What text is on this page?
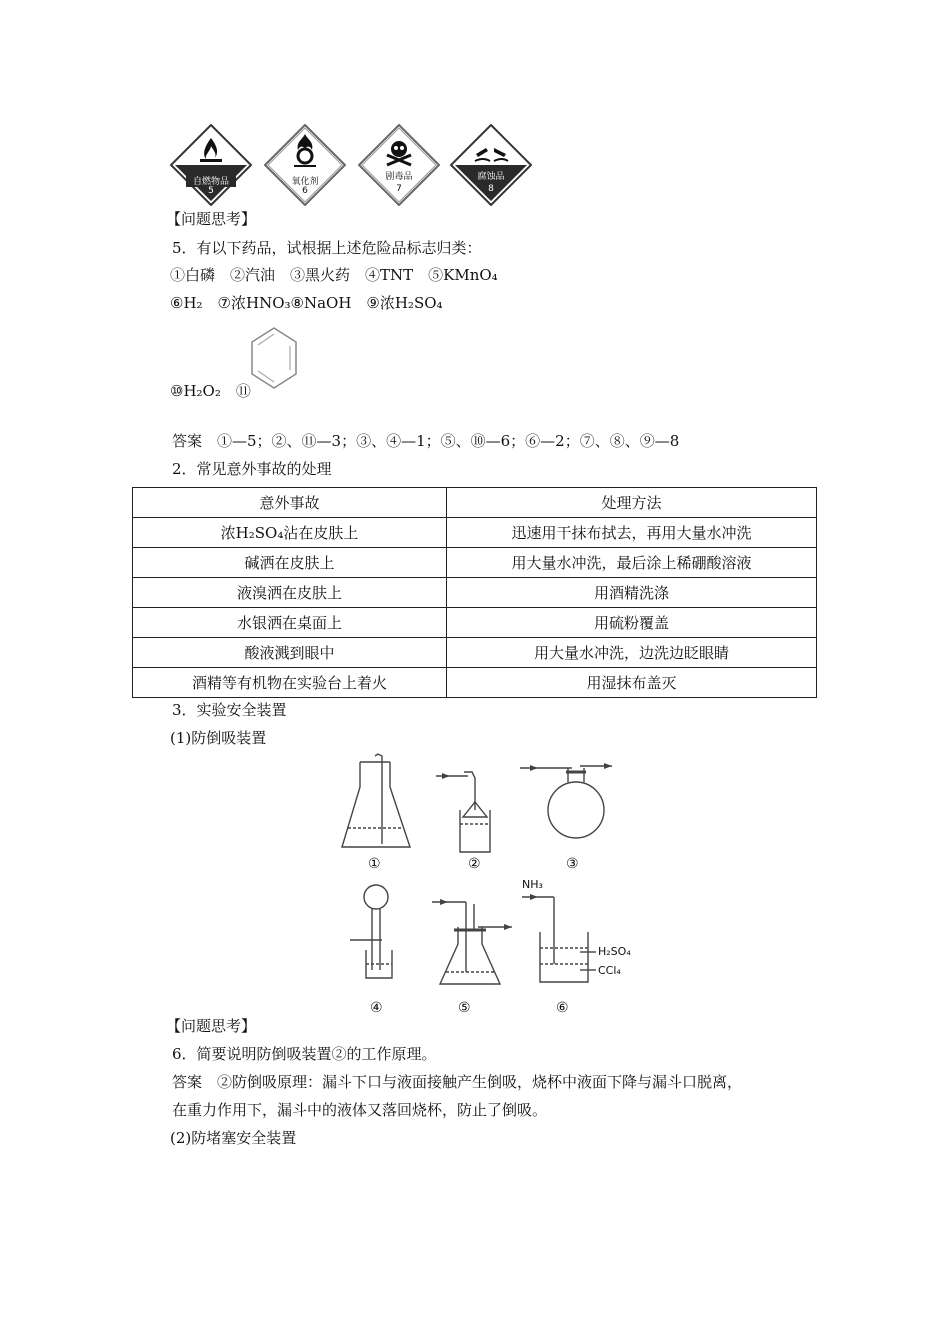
自燃物品
5
氧化剂
6
剧毒品
7
腐蚀品
8
【问题思考】
5．有以下药品，试根据上述危险品标志归类：
①白磷　②汽油　③黑火药　④TNT　⑤KMnO₄
⑥H₂　⑦浓HNO₃⑧NaOH　⑨浓H₂SO₄
⑩H₂O₂　⑪
答案　①—5；②、⑪—3；③、④—1；⑤、⑩—6；⑥—2；⑦、⑧、⑨—8
2．常见意外事故的处理
意外事故	处理方法
浓H₂SO₄沾在皮肤上	迅速用干抹布拭去，再用大量水冲洗
碱洒在皮肤上	用大量水冲洗，最后涂上稀硼酸溶液
液溴洒在皮肤上	用酒精洗涤
水银洒在桌面上	用硫粉覆盖
酸液溅到眼中	用大量水冲洗，边洗边眨眼睛
酒精等有机物在实验台上着火	用湿抹布盖灭
3．实验安全装置
(1)防倒吸装置
①	②	③
④	⑤	⑥
NH₃
H₂SO₄
CCl₄
【问题思考】
6．简要说明防倒吸装置②的工作原理。
答案　②防倒吸原理：漏斗下口与液面接触产生倒吸，烧杯中液面下降与漏斗口脱离，
在重力作用下，漏斗中的液体又落回烧杯，防止了倒吸。
(2)防堵塞安全装置
